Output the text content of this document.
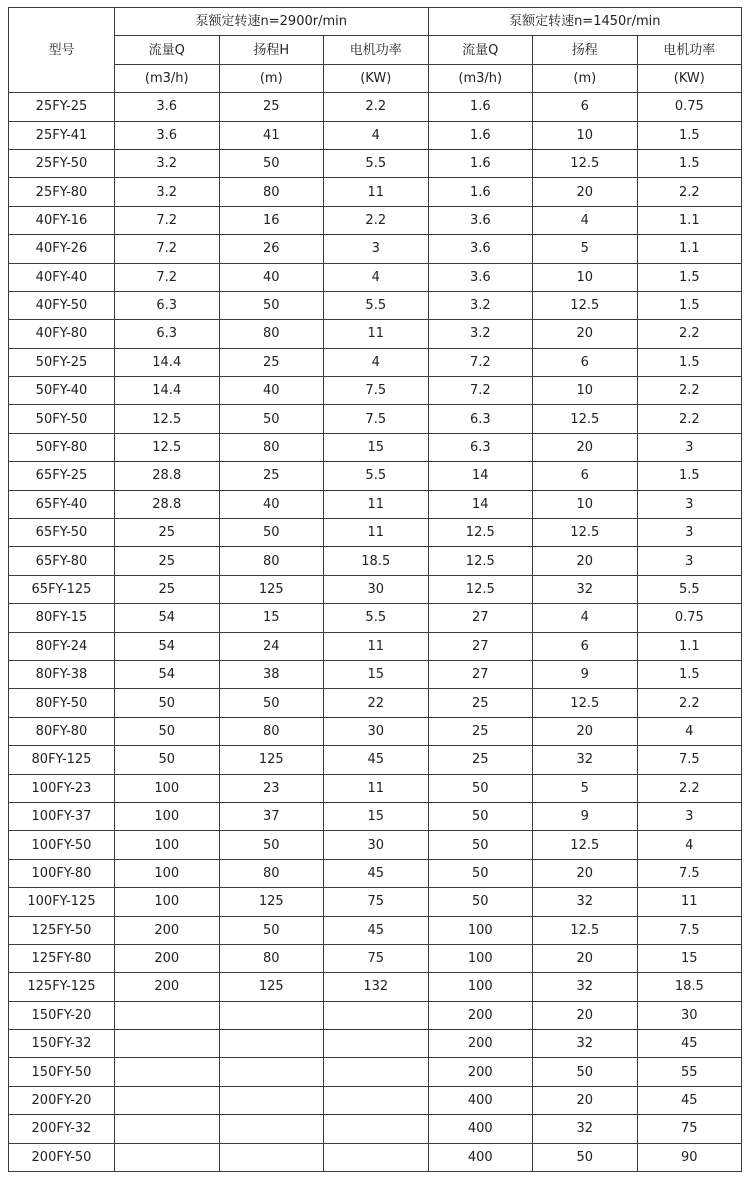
型号	泵额定转速n=2900r/min			泵额定转速n=1450r/min		
	流量Q	扬程H	电机功率	流量Q	扬程	电机功率
	(m3/h)	(m)	(KW)	(m3/h)	(m)	(KW)
25FY-25	3.6	25	2.2	1.6	6	0.75
25FY-41	3.6	41	4	1.6	10	1.5
25FY-50	3.2	50	5.5	1.6	12.5	1.5
25FY-80	3.2	80	11	1.6	20	2.2
40FY-16	7.2	16	2.2	3.6	4	1.1
40FY-26	7.2	26	3	3.6	5	1.1
40FY-40	7.2	40	4	3.6	10	1.5
40FY-50	6.3	50	5.5	3.2	12.5	1.5
40FY-80	6.3	80	11	3.2	20	2.2
50FY-25	14.4	25	4	7.2	6	1.5
50FY-40	14.4	40	7.5	7.2	10	2.2
50FY-50	12.5	50	7.5	6.3	12.5	2.2
50FY-80	12.5	80	15	6.3	20	3
65FY-25	28.8	25	5.5	14	6	1.5
65FY-40	28.8	40	11	14	10	3
65FY-50	25	50	11	12.5	12.5	3
65FY-80	25	80	18.5	12.5	20	3
65FY-125	25	125	30	12.5	32	5.5
80FY-15	54	15	5.5	27	4	0.75
80FY-24	54	24	11	27	6	1.1
80FY-38	54	38	15	27	9	1.5
80FY-50	50	50	22	25	12.5	2.2
80FY-80	50	80	30	25	20	4
80FY-125	50	125	45	25	32	7.5
100FY-23	100	23	11	50	5	2.2
100FY-37	100	37	15	50	9	3
100FY-50	100	50	30	50	12.5	4
100FY-80	100	80	45	50	20	7.5
100FY-125	100	125	75	50	32	11
125FY-50	200	50	45	100	12.5	7.5
125FY-80	200	80	75	100	20	15
125FY-125	200	125	132	100	32	18.5
150FY-20				200	20	30
150FY-32				200	32	45
150FY-50				200	50	55
200FY-20				400	20	45
200FY-32				400	32	75
200FY-50				400	50	90
